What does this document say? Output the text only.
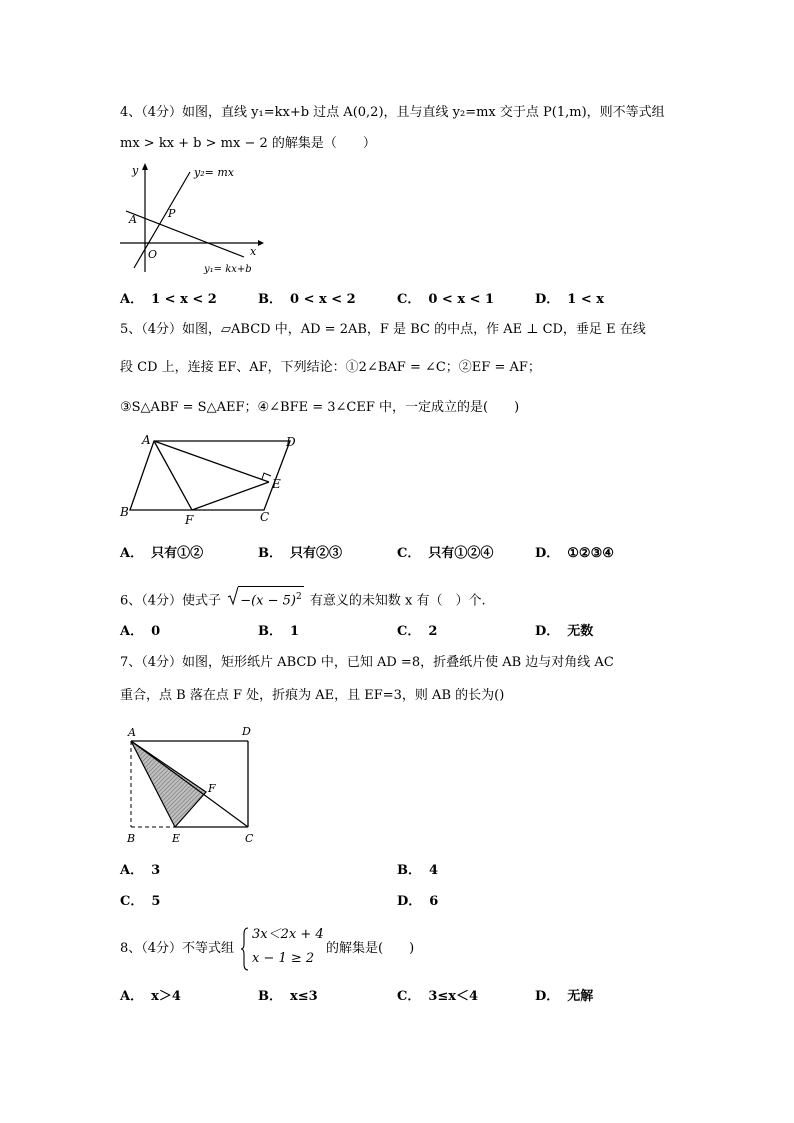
4、（4分）如图，直线 y₁=kx+b 过点 A(0,2)，且与直线 y₂=mx 交于点 P(1,m)，则不等式组
mx > kx + b > mx − 2 的解集是（　　）
y
x
A	P
O
y₂= mx
y₁= kx+b
A． 1 < x < 2	B． 0 < x < 2	C． 0 < x < 1	D． 1 < x
5、（4分）如图，▱ABCD 中，AD = 2AB，F 是 BC 的中点，作 AE ⊥ CD，垂足 E 在线
段 CD 上，连接 EF、AF，下列结论：①2∠BAF = ∠C；②EF = AF；
③S△ABF = S△AEF；④∠BFE = 3∠CEF 中，一定成立的是(　　)
A	D
E
B
F	C
A． 只有①②	B． 只有②③	C． 只有①②④	D． ①②③④
6、（4分）使式子 $-(x - 5)^2$ 有意义的未知数 x 有（　）个.
A． 0	B． 1	C． 2	D． 无数
7、（4分）如图，矩形纸片 ABCD 中，已知 AD =8，折叠纸片使 AB 边与对角线 AC
重合，点 B 落在点 F 处，折痕为 AE，且 EF=3，则 AB 的长为()
A	D
F
B	E	C
A． 3	B． 4
C． 5	D． 6
8、（4分）不等式组
3x＜2x + 4
x − 1 ≥ 2
的解集是(　　)
A． x＞4	B． x≤3	C． 3≤x＜4	D． 无解
